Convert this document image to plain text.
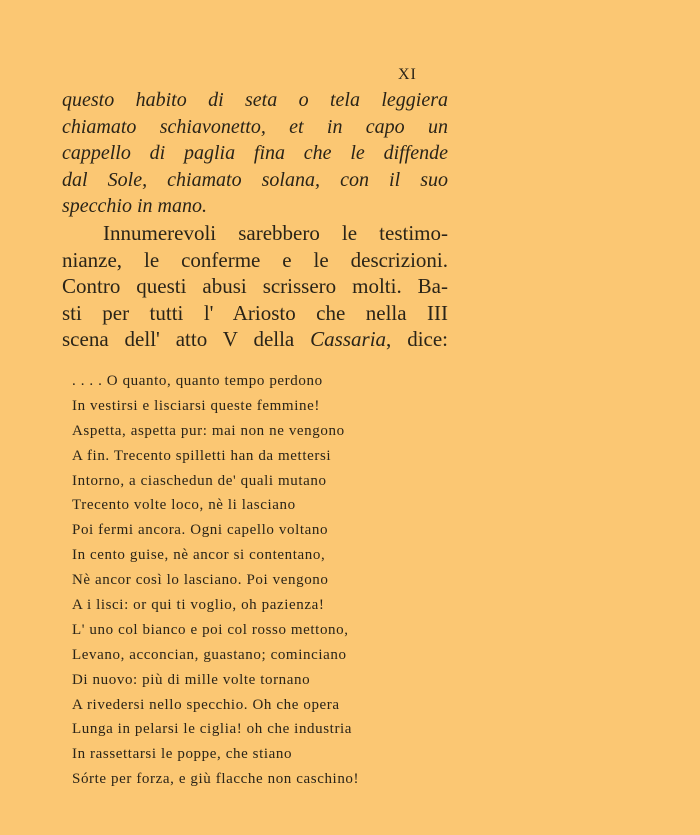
XI
questo habito di seta o tela leggiera
chiamato schiavonetto, et in capo un
cappello di paglia fina che le diffende
dal Sole, chiamato solana, con il suo
specchio in mano.
Innumerevoli sarebbero le testimo-
nianze, le conferme e le descrizioni.
Contro questi abusi scrissero molti. Ba-
sti per tutti l' Ariosto che nella III
scena dell' atto V della Cassaria, dice:
. . . . O quanto, quanto tempo perdono
In vestirsi e lisciarsi queste femmine!
Aspetta, aspetta pur: mai non ne vengono
A fin. Trecento spilletti han da mettersi
Intorno, a ciaschedun de' quali mutano
Trecento volte loco, nè li lasciano
Poi fermi ancora. Ogni capello voltano
In cento guise, nè ancor si contentano,
Nè ancor così lo lasciano. Poi vengono
A i lisci: or qui ti voglio, oh pazienza!
L' uno col bianco e poi col rosso mettono,
Levano, acconcian, guastano; cominciano
Di nuovo: più di mille volte tornano
A rivedersi nello specchio. Oh che opera
Lunga in pelarsi le ciglia! oh che industria
In rassettarsi le poppe, che stiano
Sórte per forza, e giù flacche non caschino!
